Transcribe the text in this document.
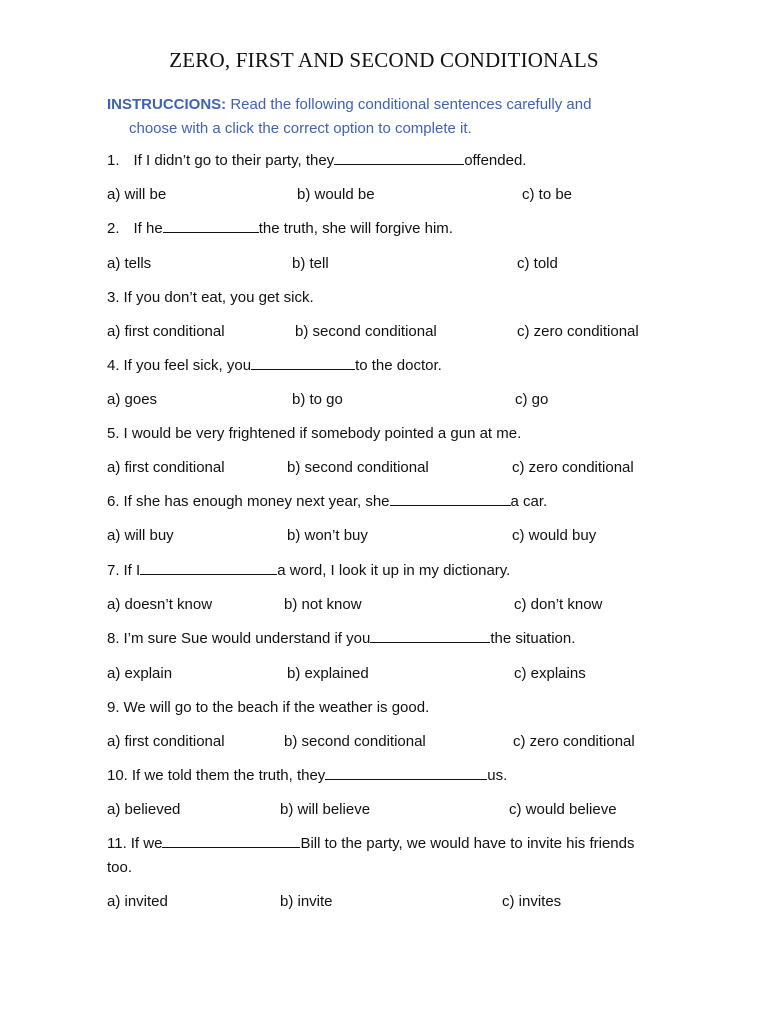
ZERO, FIRST AND SECOND CONDITIONALS
INSTRUCCIONS: Read the following conditional sentences carefully and
choose with a click the correct option to complete it.
1. If I didn’t go to their party, they	offended.
a) will be	b) would be	c) to be
2. If he	the truth, she will forgive him.
a) tells	b) tell	c) told
3. If you don’t eat, you get sick.
a) first conditional	b) second conditional	c) zero conditional
4. If you feel sick, you	to the doctor.
a) goes	b) to go	c) go
5. I would be very frightened if somebody pointed a gun at me.
a) first conditional	b) second conditional	c) zero conditional
6. If she has enough money next year, she	a car.
a) will buy	b) won’t buy	c) would buy
7. If I	a word, I look it up in my dictionary.
a) doesn’t know	b) not know	c) don’t know
8. I’m sure Sue would understand if you	the situation.
a) explain	b) explained	c) explains
9. We will go to the beach if the weather is good.
a) first conditional	b) second conditional	c) zero conditional
10. If we told them the truth, they	us.
a) believed	b) will believe	c) would believe
11. If we	Bill to the party, we would have to invite his friends too.
a) invited	b) invite	c) invites
